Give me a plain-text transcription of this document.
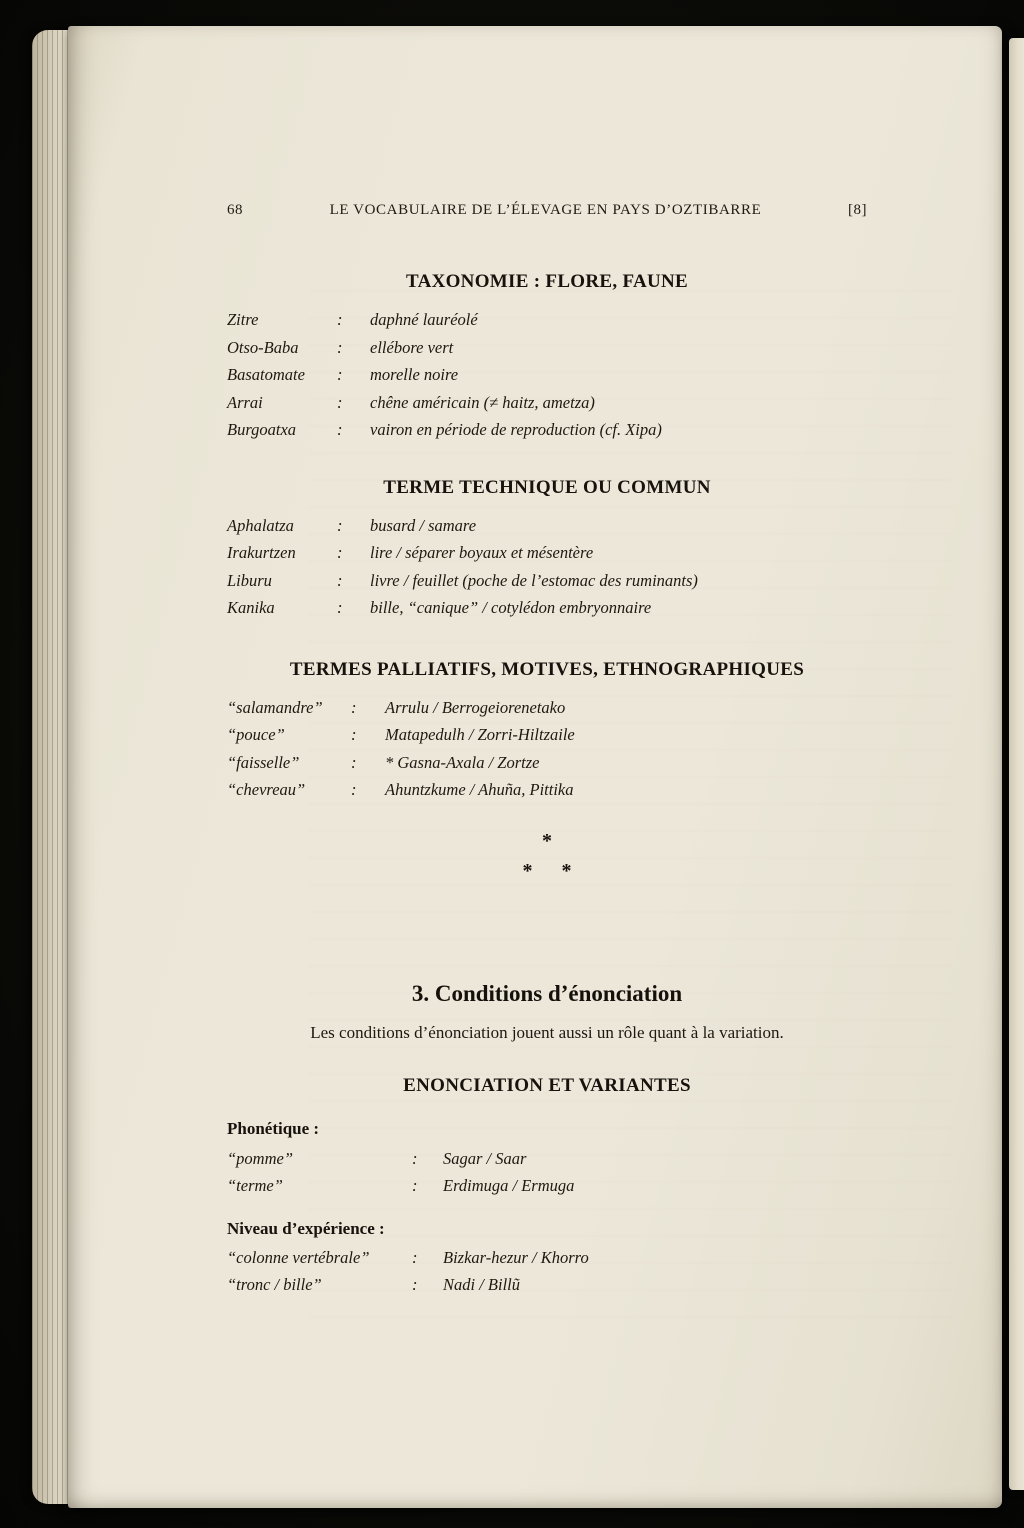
68	LE VOCABULAIRE DE L’ÉLEVAGE EN PAYS D’OZTIBARRE	[8]
TAXONOMIE : FLORE, FAUNE
Zitre	:	daphné lauréolé
Otso-Baba	:	ellébore vert
Basatomate	:	morelle noire
Arrai	:	chêne américain (≠ haitz, ametza)
Burgoatxa	:	vairon en période de reproduction (cf. Xipa)
TERME TECHNIQUE OU COMMUN
Aphalatza	:	busard / samare
Irakurtzen	:	lire / séparer boyaux et mésentère
Liburu	:	livre / feuillet (poche de l’estomac des ruminants)
Kanika	:	bille, “canique” / cotylédon embryonnaire
TERMES PALLIATIFS, MOTIVES, ETHNOGRAPHIQUES
“salamandre”	:	Arrulu / Berrogeiorenetako
“pouce”	:	Matapedulh / Zorri-Hiltzaile
“faisselle”	:	* Gasna-Axala / Zortze
“chevreau”	:	Ahuntzkume / Ahuña, Pittika
*
* *
3. Conditions d’énonciation

Les conditions d’énonciation jouent aussi un rôle quant à la variation.

ENONCIATION ET VARIANTES
Phonétique :
“pomme”	:	Sagar / Saar
“terme”	:	Erdimuga / Ermuga
Niveau d’expérience :
“colonne vertébrale”	:	Bizkar-hezur / Khorro
“tronc / bille”	:	Nadi / Billũ
